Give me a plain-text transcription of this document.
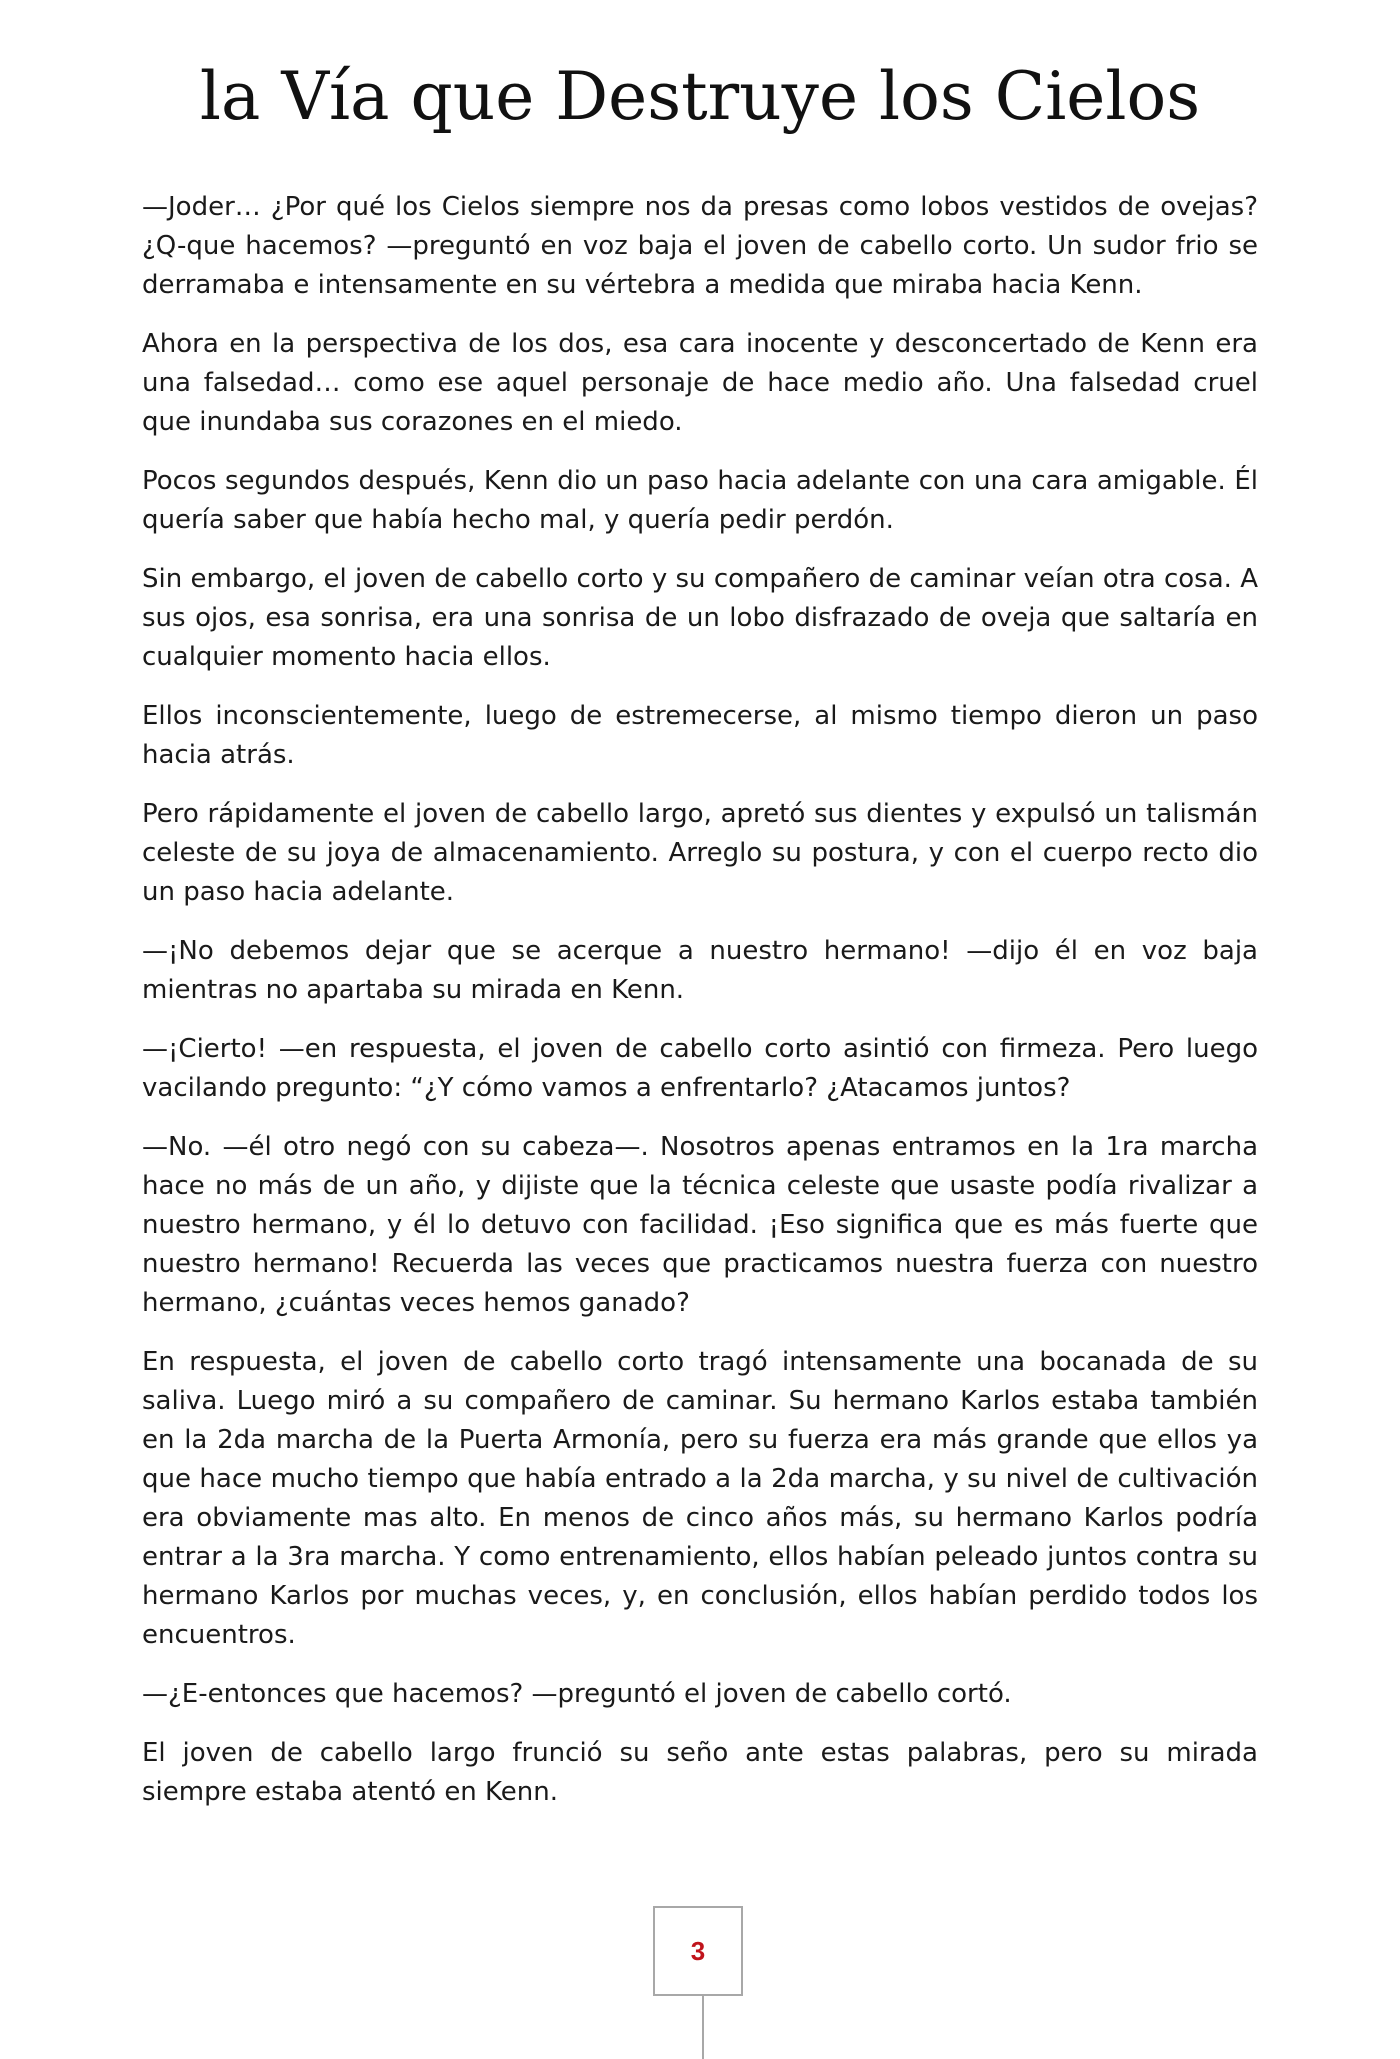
la Vía que Destruye los Cielos

—Joder… ¿Por qué los Cielos siempre nos da presas como lobos vestidos de ovejas? ¿Q-que hacemos? —preguntó en voz baja el joven de cabello corto. Un sudor frio se derramaba e intensamente en su vértebra a medida que miraba hacia Kenn.

Ahora en la perspectiva de los dos, esa cara inocente y desconcertado de Kenn era una falsedad… como ese aquel personaje de hace medio año. Una falsedad cruel que inundaba sus corazones en el miedo.

Pocos segundos después, Kenn dio un paso hacia adelante con una cara amigable. Él quería saber que había hecho mal, y quería pedir perdón.

Sin embargo, el joven de cabello corto y su compañero de caminar veían otra cosa. A sus ojos, esa sonrisa, era una sonrisa de un lobo disfrazado de oveja que saltaría en cualquier momento hacia ellos.

Ellos inconscientemente, luego de estremecerse, al mismo tiempo dieron un paso hacia atrás.

Pero rápidamente el joven de cabello largo, apretó sus dientes y expulsó un talismán celeste de su joya de almacenamiento. Arreglo su postura, y con el cuerpo recto dio un paso hacia adelante.

—¡No debemos dejar que se acerque a nuestro hermano! —dijo él en voz baja mientras no apartaba su mirada en Kenn.

—¡Cierto! —en respuesta, el joven de cabello corto asintió con firmeza. Pero luego vacilando pregunto: “¿Y cómo vamos a enfrentarlo? ¿Atacamos juntos?

—No. —él otro negó con su cabeza—. Nosotros apenas entramos en la 1ra marcha hace no más de un año, y dijiste que la técnica celeste que usaste podía rivalizar a nuestro hermano, y él lo detuvo con facilidad. ¡Eso significa que es más fuerte que nuestro hermano! Recuerda las veces que practicamos nuestra fuerza con nuestro hermano, ¿cuántas veces hemos ganado?

En respuesta, el joven de cabello corto tragó intensamente una bocanada de su saliva. Luego miró a su compañero de caminar. Su hermano Karlos estaba también en la 2da marcha de la Puerta Armonía, pero su fuerza era más grande que ellos ya que hace mucho tiempo que había entrado a la 2da marcha, y su nivel de cultivación era obviamente mas alto. En menos de cinco años más, su hermano Karlos podría entrar a la 3ra marcha. Y como entrenamiento, ellos habían peleado juntos contra su hermano Karlos por muchas veces, y, en conclusión, ellos habían perdido todos los encuentros.

—¿E-entonces que hacemos? —preguntó el joven de cabello cortó.

El joven de cabello largo frunció su seño ante estas palabras, pero su mirada siempre estaba atentó en Kenn.

3
